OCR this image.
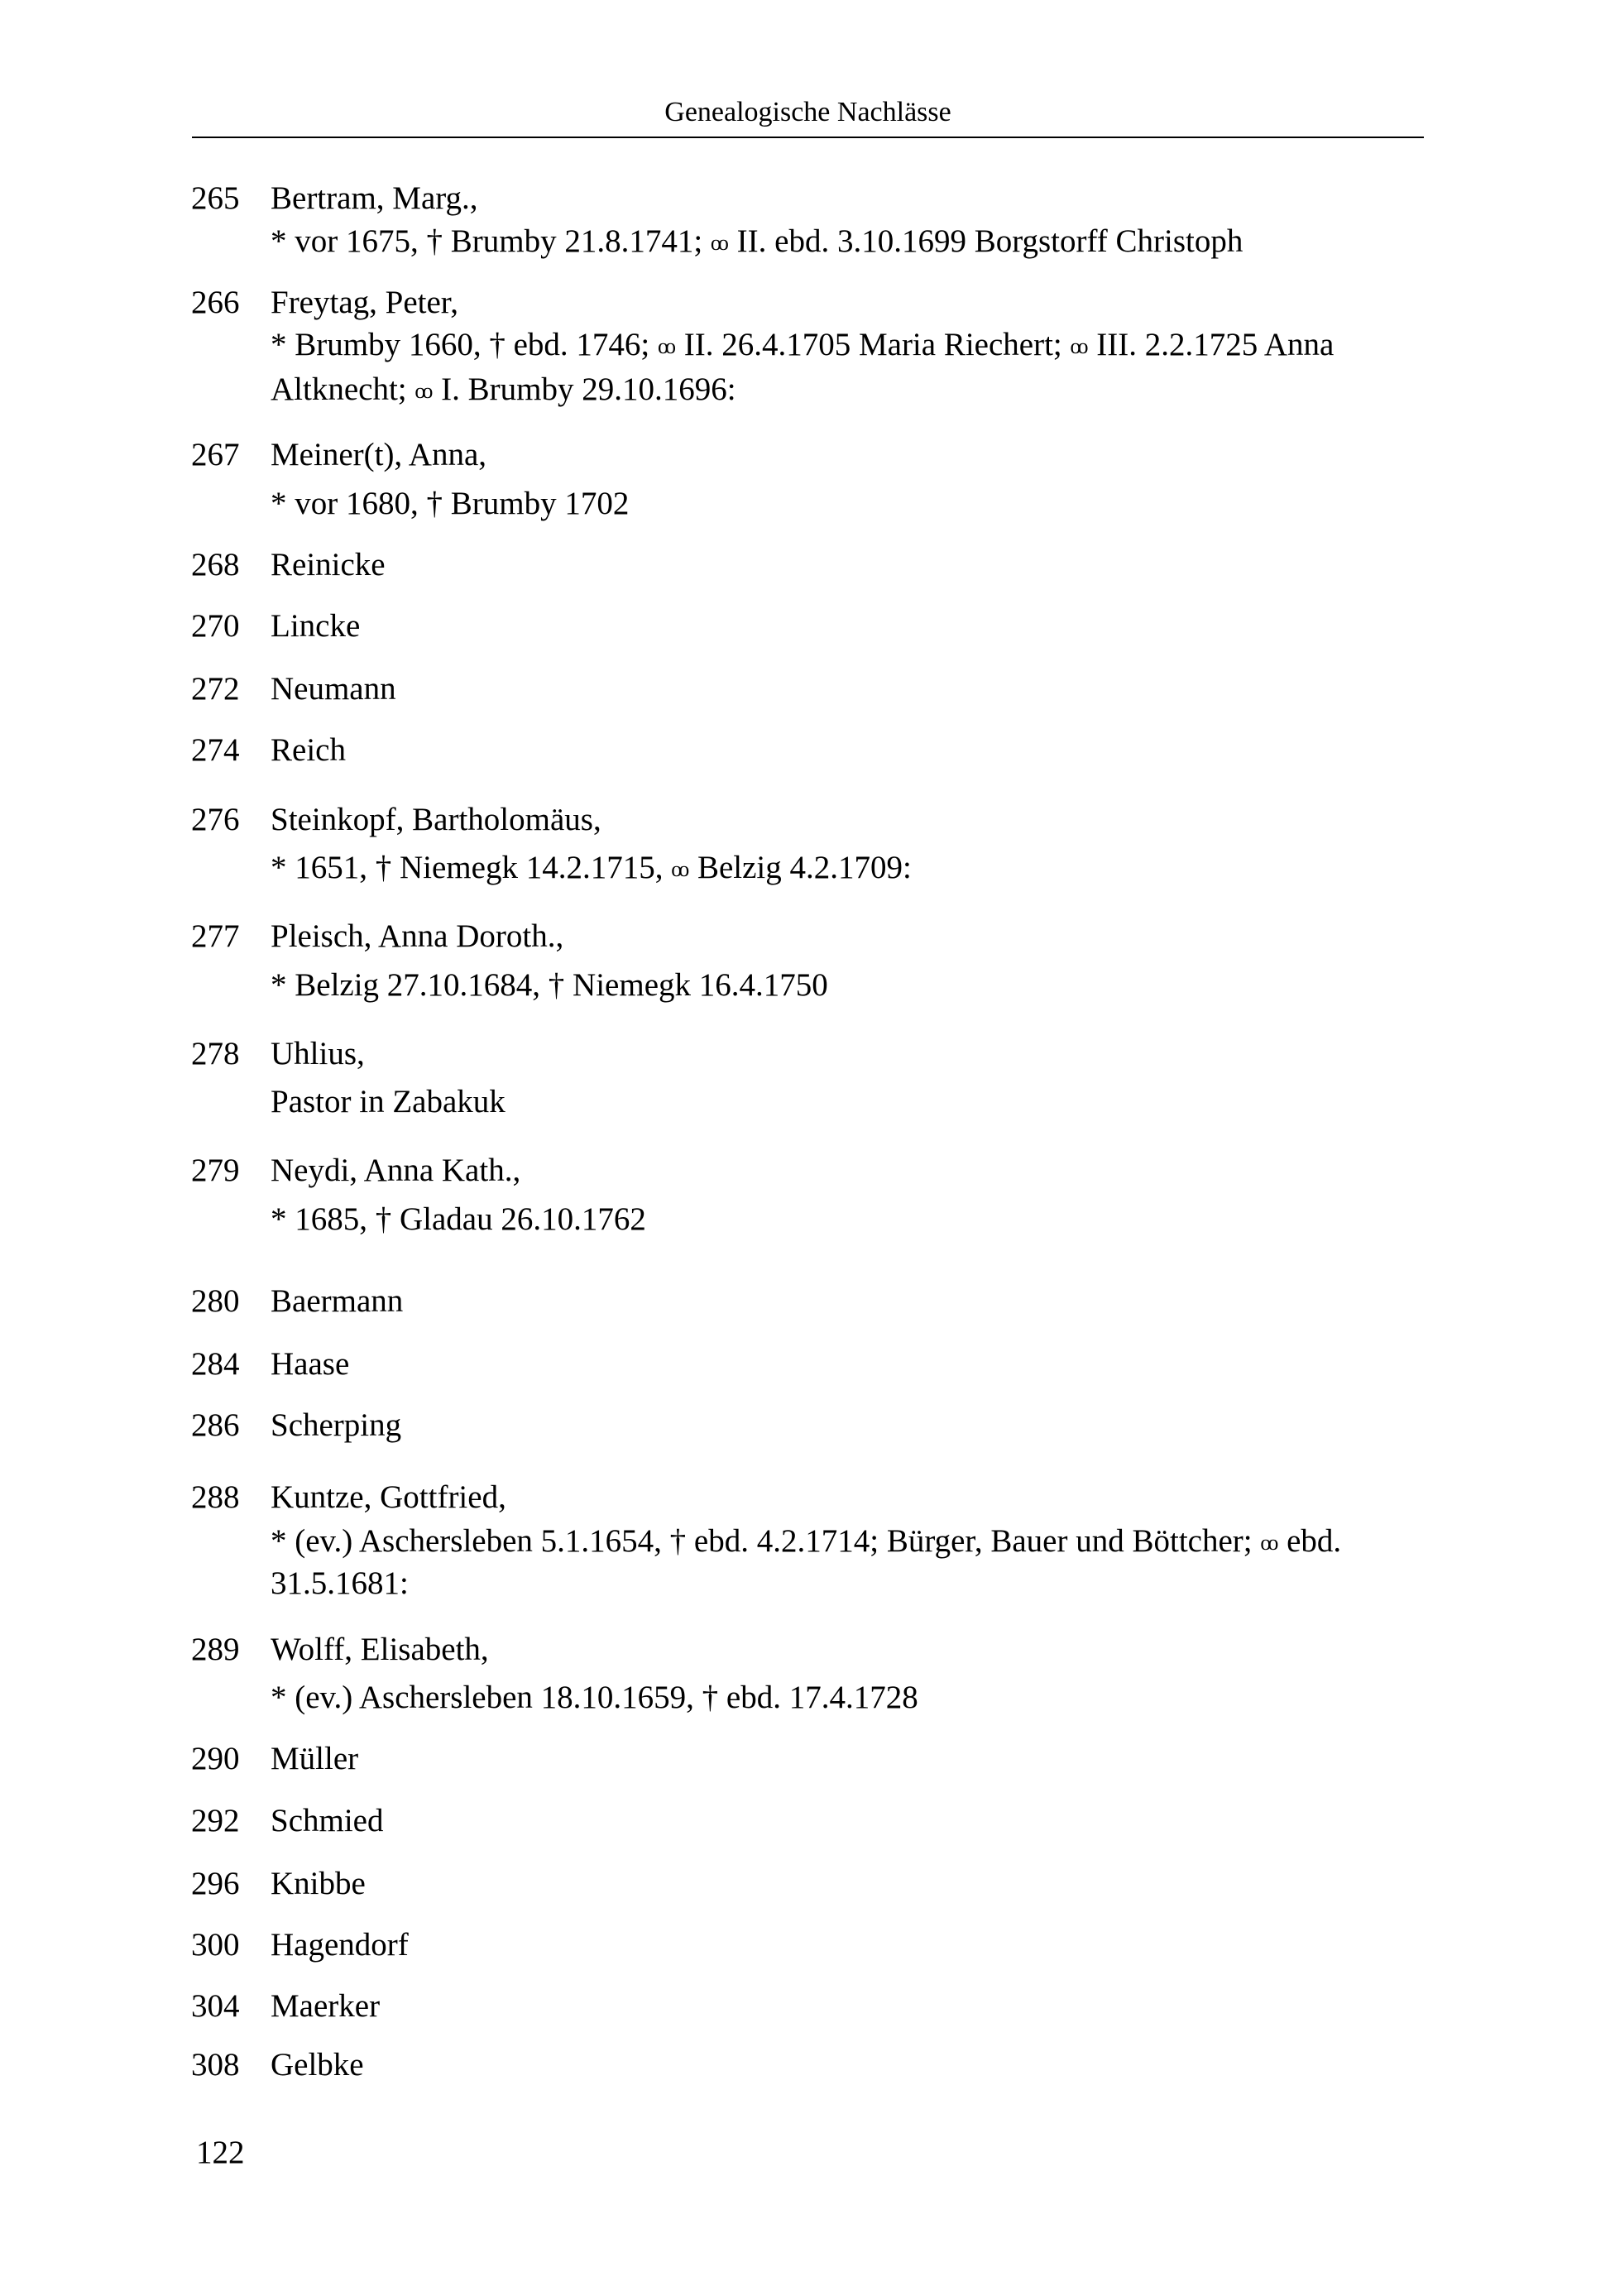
Genealogische Nachlässe
265 Bertram, Marg.,
* vor 1675, † Brumby 21.8.1741; oo II. ebd. 3.10.1699 Borgstorff Christoph
266 Freytag, Peter,
* Brumby 1660, † ebd. 1746; oo II. 26.4.1705 Maria Riechert; oo III. 2.2.1725 Anna
Altknecht; oo I. Brumby 29.10.1696:
267 Meiner(t), Anna,
* vor 1680, † Brumby 1702
268 Reinicke
270 Lincke
272 Neumann
274 Reich
276 Steinkopf, Bartholomäus,
* 1651, † Niemegk 14.2.1715, oo Belzig 4.2.1709:
277 Pleisch, Anna Doroth.,
* Belzig 27.10.1684, † Niemegk 16.4.1750
278 Uhlius,
Pastor in Zabakuk
279 Neydi, Anna Kath.,
* 1685, † Gladau 26.10.1762
280 Baermann
284 Haase
286 Scherping
288 Kuntze, Gottfried,
* (ev.) Aschersleben 5.1.1654, † ebd. 4.2.1714; Bürger, Bauer und Böttcher; oo ebd.
31.5.1681:
289 Wolff, Elisabeth,
* (ev.) Aschersleben 18.10.1659, † ebd. 17.4.1728
290 Müller
292 Schmied
296 Knibbe
300 Hagendorf
304 Maerker
308 Gelbke
122
